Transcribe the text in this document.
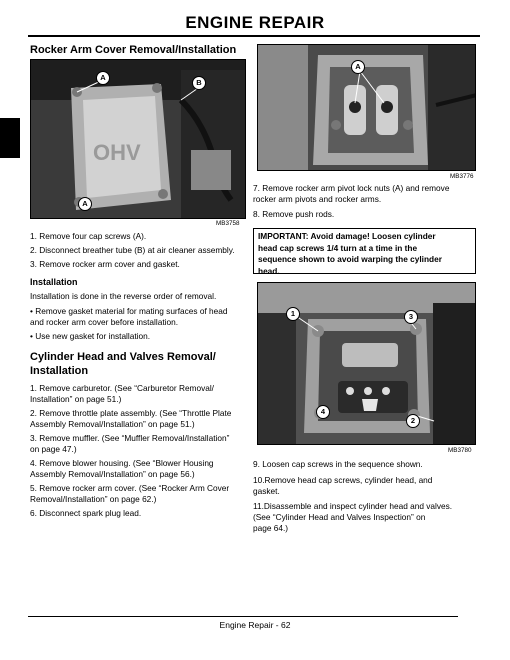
ENGINE REPAIR
Rocker Arm Cover Removal/Installation
OHV
A
B
A
MB3758
1. Remove four cap screws (A).
2. Disconnect breather tube (B) at air cleaner assembly.
3. Remove rocker arm cover and gasket.
Installation
Installation is done in the reverse order of removal.
• Remove gasket material for mating surfaces of head
and rocker arm cover before installation.
• Use new gasket for installation.
Cylinder Head and Valves Removal/
Installation
1. Remove carburetor. (See “Carburetor Removal/
Installation” on page 51.)
2. Remove throttle plate assembly. (See “Throttle Plate
Assembly Removal/Installation” on page 51.)
3. Remove muffler. (See “Muffler Removal/Installation”
on page 47.)
4. Remove blower housing. (See “Blower Housing
Assembly Removal/Installation” on page 56.)
5. Remove rocker arm cover. (See “Rocker Arm Cover
Removal/Installation” on page 62.)
6. Disconnect spark plug lead.
A
MB3776
7. Remove rocker arm pivot lock nuts (A) and remove
rocker arm pivots and rocker arms.
8. Remove push rods.
IMPORTANT: Avoid damage! Loosen cylinder
head cap screws 1/4 turn at a time in the
sequence shown to avoid warping the cylinder
head.
1	3
4
2
MB3780
9. Loosen cap screws in the sequence shown.
10.Remove head cap screws, cylinder head, and
gasket.
11.Disassemble and inspect cylinder head and valves.
(See “Cylinder Head and Valves Inspection” on
page 64.)
Engine Repair - 62
